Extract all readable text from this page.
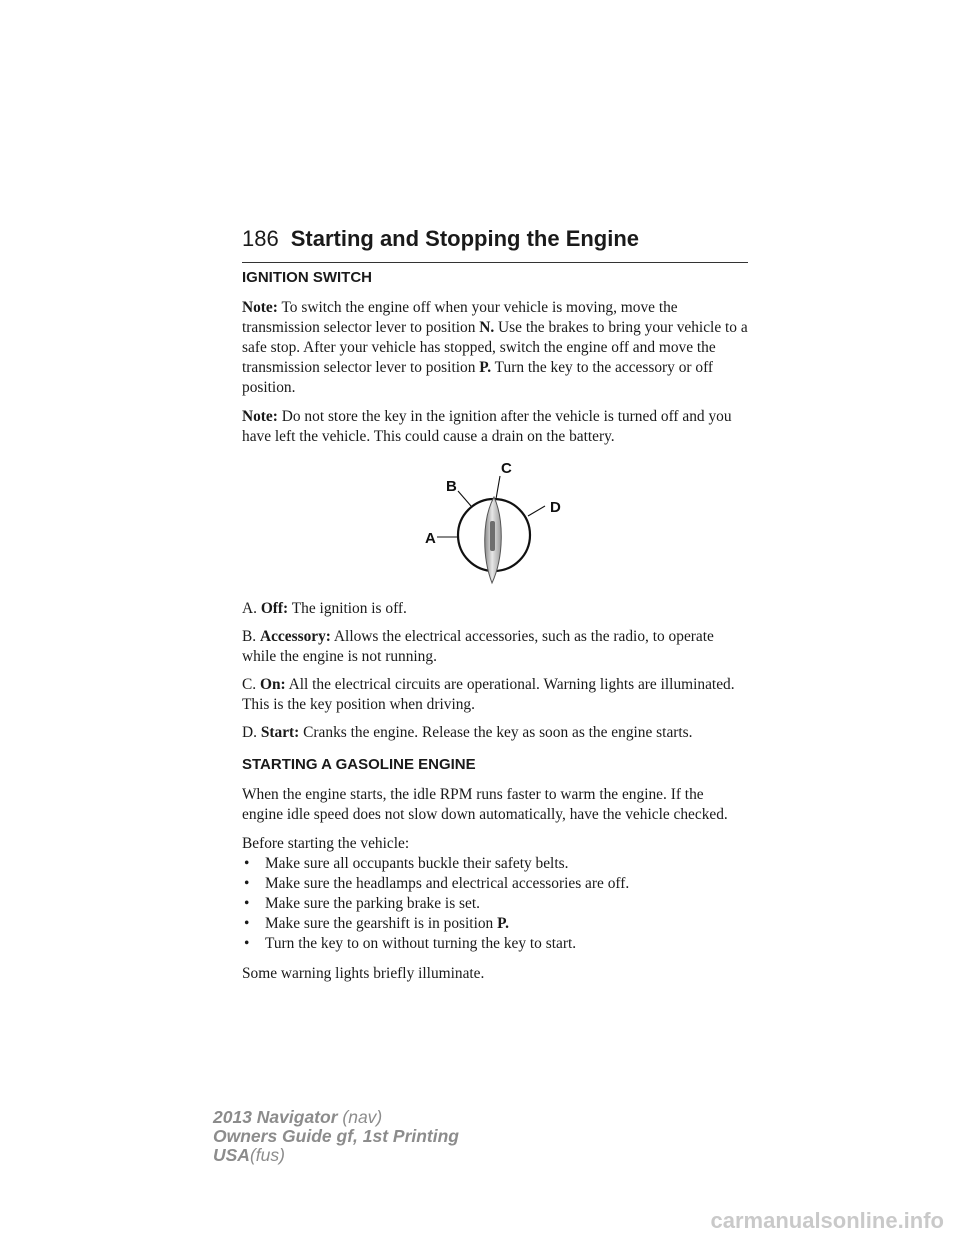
186 Starting and Stopping the Engine
IGNITION SWITCH

Note: To switch the engine off when your vehicle is moving, move the transmission selector lever to position N. Use the brakes to bring your vehicle to a safe stop. After your vehicle has stopped, switch the engine off and move the transmission selector lever to position P. Turn the key to the accessory or off position.

Note: Do not store the key in the ignition after the vehicle is turned off and you have left the vehicle. This could cause a drain on the battery.

A
B
C
D

A. Off: The ignition is off.

B. Accessory: Allows the electrical accessories, such as the radio, to operate while the engine is not running.

C. On: All the electrical circuits are operational. Warning lights are illuminated. This is the key position when driving.

D. Start: Cranks the engine. Release the key as soon as the engine starts.

STARTING A GASOLINE ENGINE

When the engine starts, the idle RPM runs faster to warm the engine. If the engine idle speed does not slow down automatically, have the vehicle checked.

Before starting the vehicle:
• Make sure all occupants buckle their safety belts.
• Make sure the headlamps and electrical accessories are off.
• Make sure the parking brake is set.
• Make sure the gearshift is in position P.
• Turn the key to on without turning the key to start.

Some warning lights briefly illuminate.

2013 Navigator (nav)
Owners Guide gf, 1st Printing
USA(fus)
carmanualsonline.info
